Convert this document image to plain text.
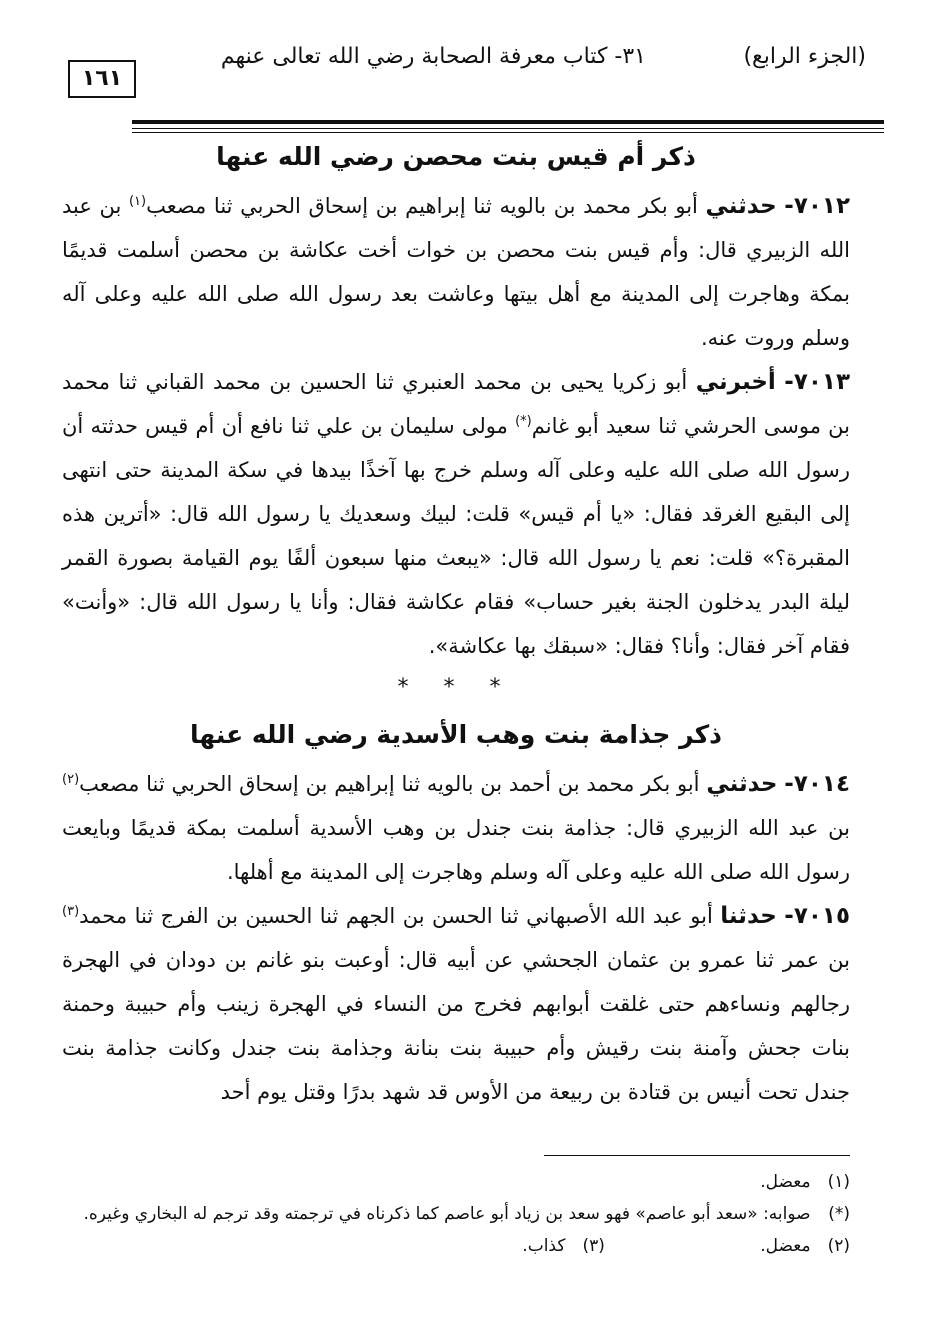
١٦١
(الجزء الرابع)
٣١- كتاب معرفة الصحابة رضي الله تعالى عنهم

ذكر أم قيس بنت محصن رضي الله عنها

٧٠١٢- حدثني أبو بكر محمد بن بالويه ثنا إبراهيم بن إسحاق الحربي ثنا مصعب$^{(١)}$ بن عبد الله الزبيري قال: وأم قيس بنت محصن بن خوات أخت عكاشة بن محصن أسلمت قديمًا بمكة وهاجرت إلى المدينة مع أهل بيتها وعاشت بعد رسول الله صلى الله عليه وعلى آله وسلم وروت عنه.

٧٠١٣- أخبرني أبو زكريا يحيى بن محمد العنبري ثنا الحسين بن محمد القباني ثنا محمد بن موسى الحرشي ثنا سعيد أبو غانم(*) مولى سليمان بن علي ثنا نافع أن أم قيس حدثته أن رسول الله صلى الله عليه وعلى آله وسلم خرج بها آخذًا بيدها في سكة المدينة حتى انتهى إلى البقيع الغرقد فقال: «يا أم قيس» قلت: لبيك وسعديك يا رسول الله قال: «أترين هذه المقبرة؟» قلت: نعم يا رسول الله قال: «يبعث منها سبعون ألفًا يوم القيامة بصورة القمر ليلة البدر يدخلون الجنة بغير حساب» فقام عكاشة فقال: وأنا يا رسول الله قال: «وأنت» فقام آخر فقال: وأنا؟ فقال: «سبقك بها عكاشة».

* * *

ذكر جذامة بنت وهب الأسدية رضي الله عنها

٧٠١٤- حدثني أبو بكر محمد بن أحمد بن بالويه ثنا إبراهيم بن إسحاق الحربي ثنا مصعب$^{(٢)}$ بن عبد الله الزبيري قال: جذامة بنت جندل بن وهب الأسدية أسلمت بمكة قديمًا وبايعت رسول الله صلى الله عليه وعلى آله وسلم وهاجرت إلى المدينة مع أهلها.

٧٠١٥- حدثنا أبو عبد الله الأصبهاني ثنا الحسن بن الجهم ثنا الحسين بن الفرج ثنا محمد$^{(٣)}$ بن عمر ثنا عمرو بن عثمان الجحشي عن أبيه قال: أوعبت بنو غانم بن دودان في الهجرة رجالهم ونساءهم حتى غلقت أبوابهم فخرج من النساء في الهجرة زينب وأم حبيبة وحمنة بنات جحش وآمنة بنت رقيش وأم حبيبة بنت بنانة وجذامة بنت جندل وكانت جذامة بنت جندل تحت أنيس بن قتادة بن ربيعة من الأوس قد شهد بدرًا وقتل يوم أحد

(١) معضل.

(*) صوابه: «سعد أبو عاصم» فهو سعد بن زياد أبو عاصم كما ذكرناه في ترجمته وقد ترجم له البخاري وغيره.

(٢) معضل. (٣) كذاب.
